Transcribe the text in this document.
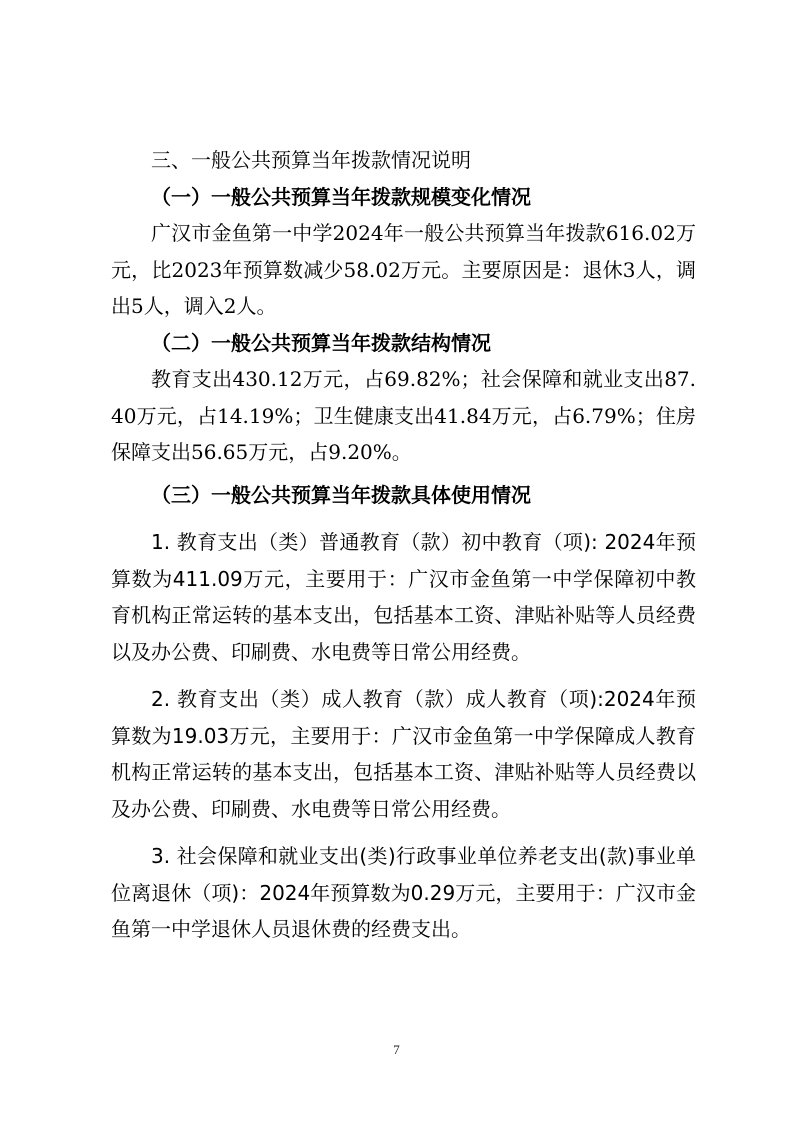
三、一般公共预算当年拨款情况说明

（一）一般公共预算当年拨款规模变化情况

广汉市金鱼第一中学2024年一般公共预算当年拨款616.02万元，比2023年预算数减少58.02万元。主要原因是：退休3人，调出5人，调入2人。

（二）一般公共预算当年拨款结构情况

教育支出430.12万元，占69.82%；社会保障和就业支出87.40万元，占14.19%；卫生健康支出41.84万元，占6.79%；住房保障支出56.65万元，占9.20%。

（三）一般公共预算当年拨款具体使用情况

1. 教育支出（类）普通教育（款）初中教育（项): 2024年预算数为411.09万元，主要用于：广汉市金鱼第一中学保障初中教育机构正常运转的基本支出，包括基本工资、津贴补贴等人员经费以及办公费、印刷费、水电费等日常公用经费。

2. 教育支出（类）成人教育（款）成人教育（项):2024年预算数为19.03万元，主要用于：广汉市金鱼第一中学保障成人教育机构正常运转的基本支出，包括基本工资、津贴补贴等人员经费以及办公费、印刷费、水电费等日常公用经费。

3. 社会保障和就业支出(类)行政事业单位养老支出(款)事业单位离退休（项)：2024年预算数为0.29万元，主要用于：广汉市金鱼第一中学退休人员退休费的经费支出。

7
